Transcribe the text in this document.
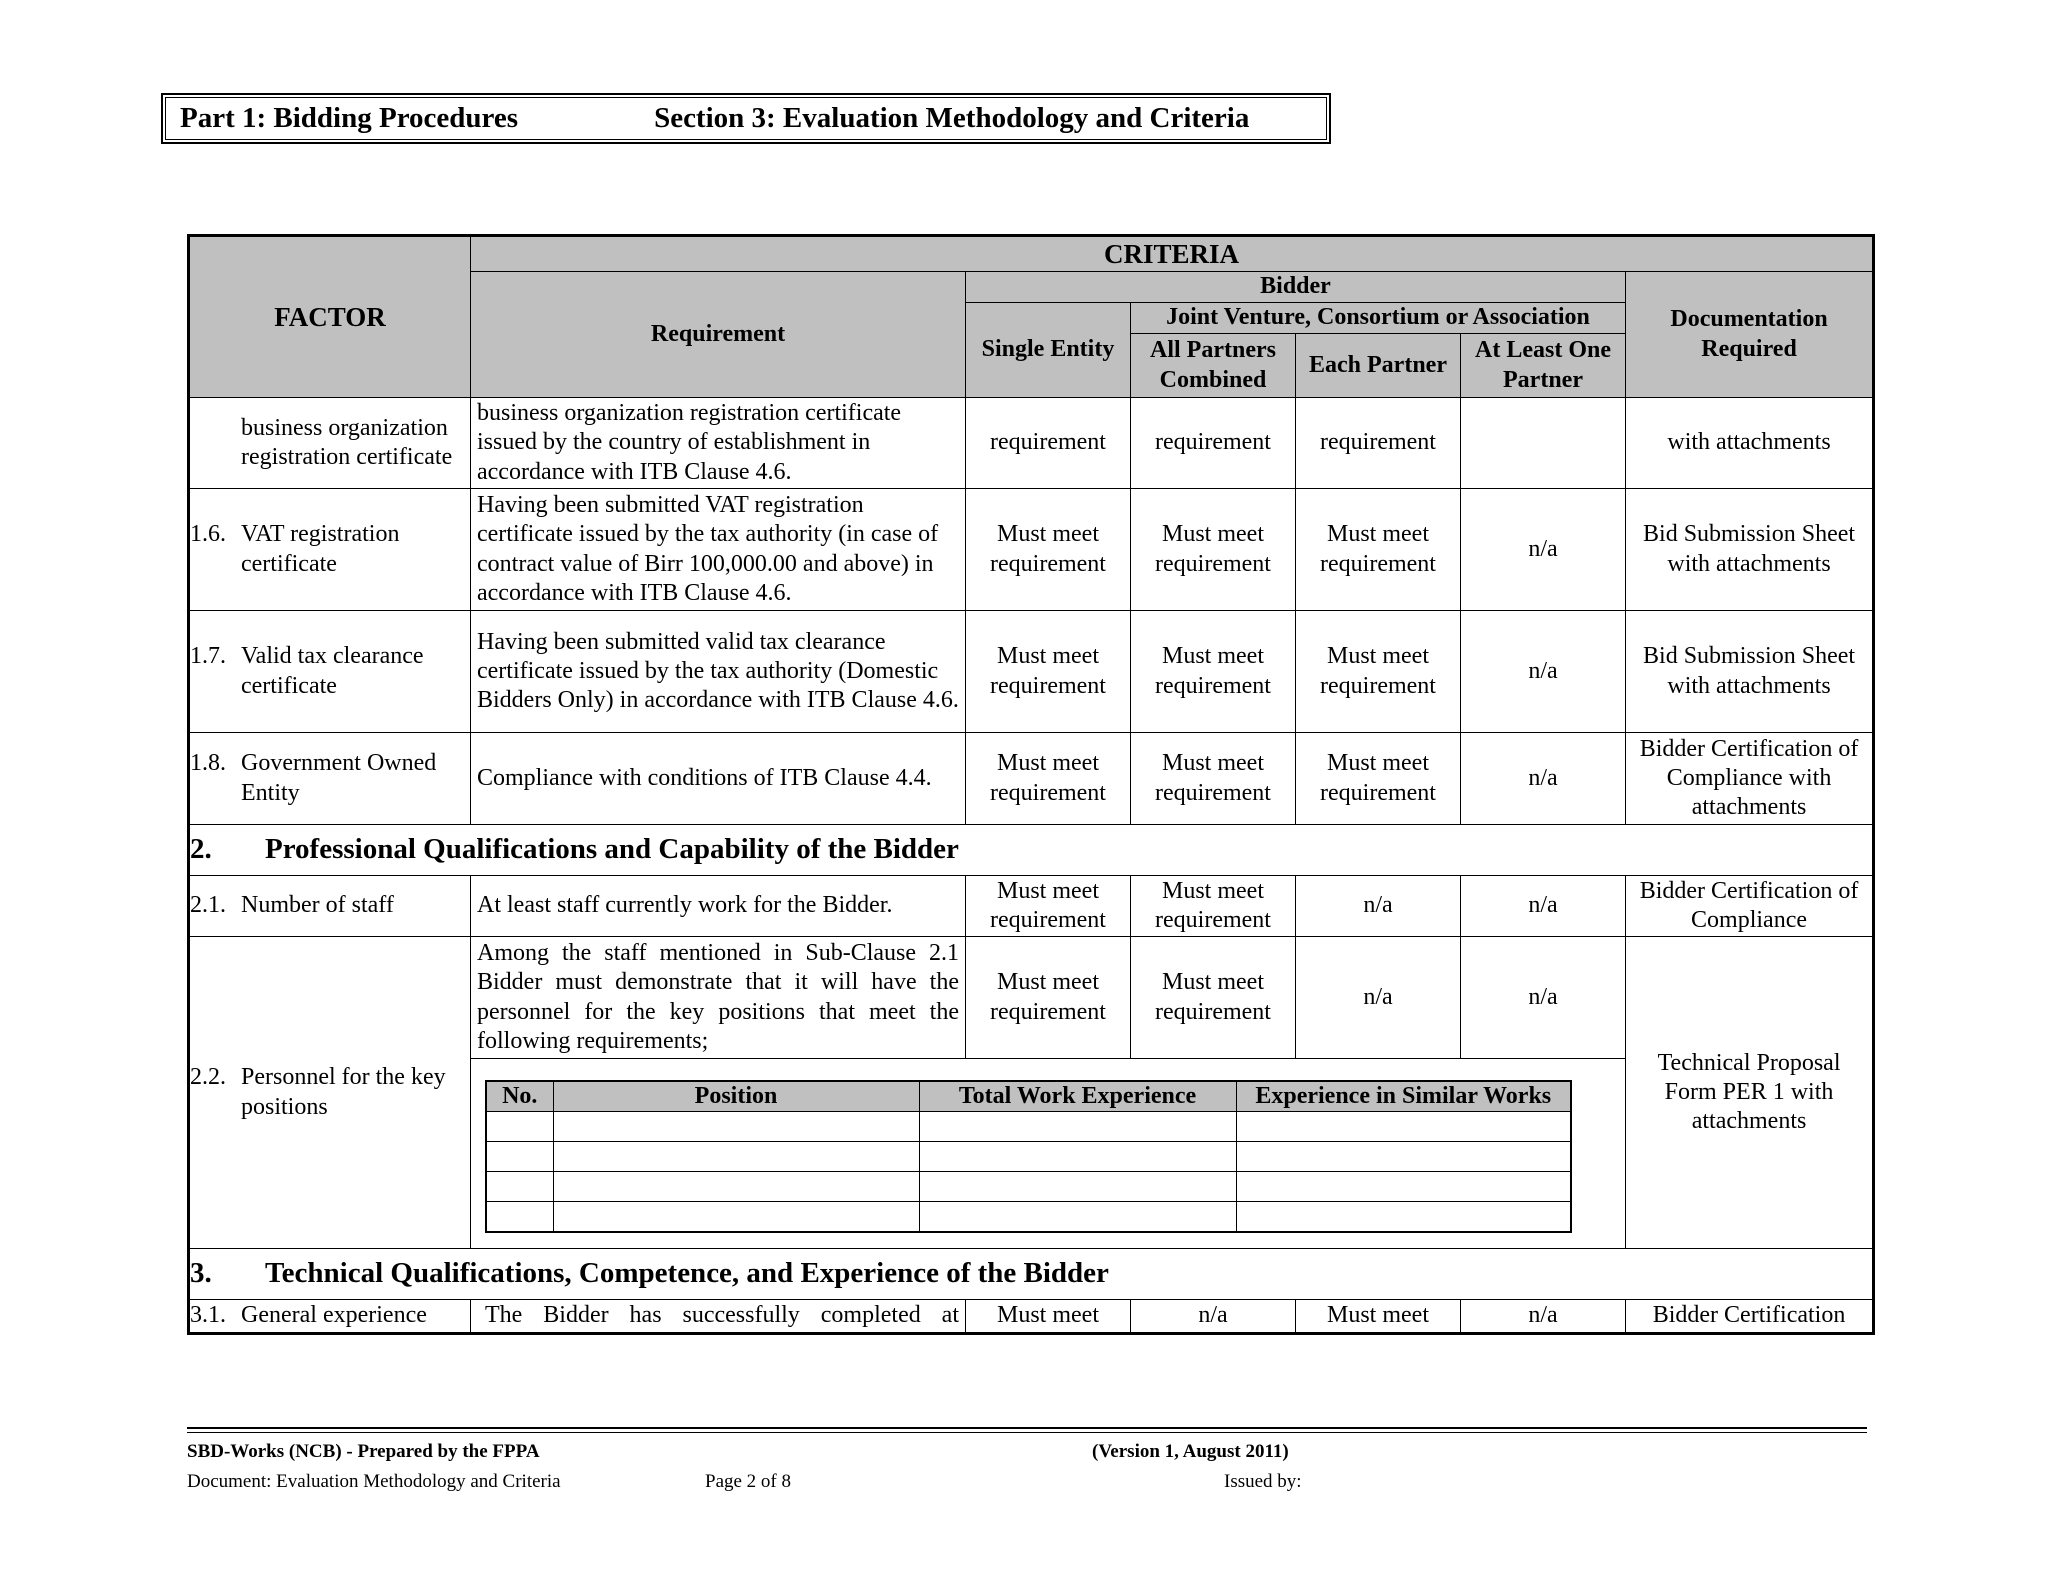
Part 1: Bidding Procedures	Section 3: Evaluation Methodology and Criteria
FACTOR	CRITERIA
Requirement	Bidder	Documentation Required
Single Entity	Joint Venture, Consortium or Association
All Partners Combined	Each Partner	At Least One Partner

business organization registration certificate
	business organization registration certificate issued by the country of establishment in accordance with ITB Clause 4.6.	requirement	requirement	requirement		with attachments

1.6. VAT registration certificate
	Having been submitted VAT registration certificate issued by the tax authority (in case of contract value of Birr 100,000.00 and above) in accordance with ITB Clause 4.6.	Must meet requirement	Must meet requirement	Must meet requirement	n/a	Bid Submission Sheet with attachments

1.7. Valid tax clearance certificate
	Having been submitted valid tax clearance certificate issued by the tax authority (Domestic Bidders Only) in accordance with ITB Clause 4.6.	Must meet requirement	Must meet requirement	Must meet requirement	n/a	Bid Submission Sheet with attachments

1.8. Government Owned Entity
	Compliance with conditions of ITB Clause 4.4.	Must meet requirement	Must meet requirement	Must meet requirement	n/a	Bidder Certification of Compliance with attachments
2. Professional Qualifications and Capability of the Bidder

2.1. Number of staff	At least staff currently work for the Bidder.	Must meet requirement	Must meet requirement	n/a	n/a	Bidder Certification of Compliance

2.2. Personnel for the key positions
	Among the staff mentioned in Sub-Clause 2.1 Bidder must demonstrate that it will have the personnel for the key positions that meet the following requirements;	Must meet requirement	Must meet requirement	n/a	n/a	Technical Proposal Form PER 1 with attachments

No.	Position	Total Work Experience	Experience in Similar Works

3. Technical Qualifications, Competence, and Experience of the Bidder

3.1. General experience	The Bidder has successfully completed at	Must meet	n/a	Must meet	n/a	Bidder Certification
SBD-Works (NCB) - Prepared by the FPPA	(Version 1, August 2011)
Document: Evaluation Methodology and Criteria	Page 2 of 8	Issued by:
